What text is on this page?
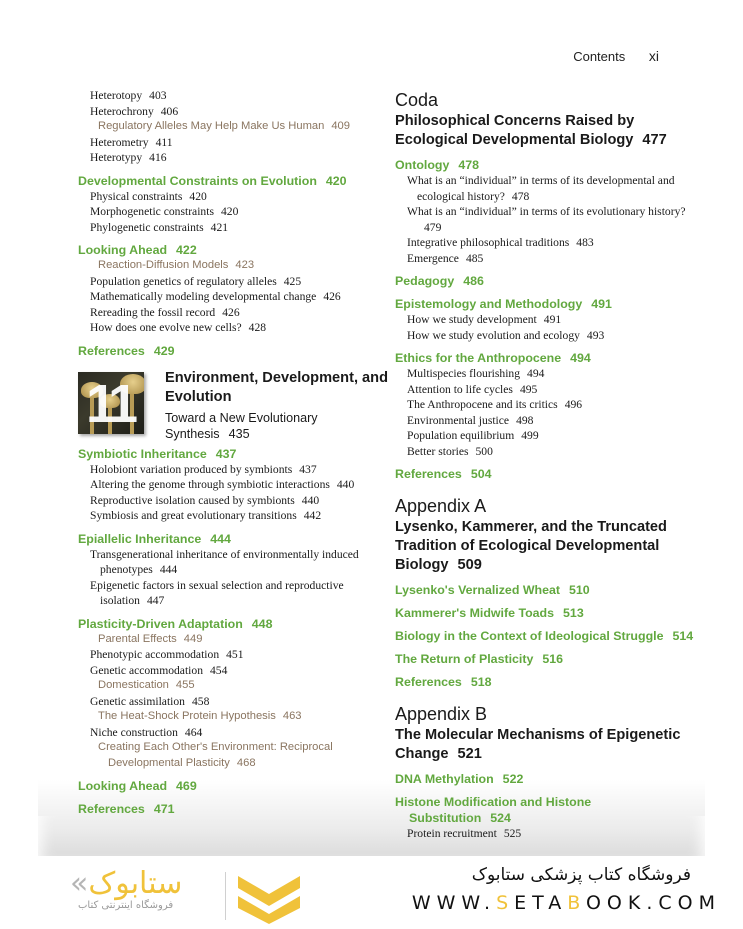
Contents xi
Heterotopy 403
Heterochrony 406
Regulatory Alleles May Help Make Us Human 409
Heterometry 411
Heterotypy 416
Developmental Constraints on Evolution 420
Physical constraints 420
Morphogenetic constraints 420
Phylogenetic constraints 421
Looking Ahead 422
Reaction-Diffusion Models 423
Population genetics of regulatory alleles 425
Mathematically modeling developmental change 426
Rereading the fossil record 426
How does one evolve new cells? 428
References 429
11 Environment, Development, and Evolution
Toward a New Evolutionary Synthesis 435
Symbiotic Inheritance 437
Holobiont variation produced by symbionts 437
Altering the genome through symbiotic interactions 440
Reproductive isolation caused by symbionts 440
Symbiosis and great evolutionary transitions 442
Epiallelic Inheritance 444
Transgenerational inheritance of environmentally induced phenotypes 444
Epigenetic factors in sexual selection and reproductive isolation 447
Plasticity-Driven Adaptation 448
Parental Effects 449
Phenotypic accommodation 451
Genetic accommodation 454
Domestication 455
Genetic assimilation 458
The Heat-Shock Protein Hypothesis 463
Niche construction 464
Creating Each Other's Environment: Reciprocal Developmental Plasticity 468
Looking Ahead 469
References 471
Coda
Philosophical Concerns Raised by Ecological Developmental Biology 477
Ontology 478
What is an “individual” in terms of its developmental and ecological history? 478
What is an “individual” in terms of its evolutionary history?479
Integrative philosophical traditions 483
Emergence 485
Pedagogy 486
Epistemology and Methodology 491
How we study development 491
How we study evolution and ecology 493
Ethics for the Anthropocene 494
Multispecies flourishing 494
Attention to life cycles 495
The Anthropocene and its critics 496
Environmental justice 498
Population equilibrium 499
Better stories 500
References 504
Appendix A
Lysenko, Kammerer, and the Truncated Tradition of Ecological Developmental Biology 509
Lysenko's Vernalized Wheat 510
Kammerer's Midwife Toads 513
Biology in the Context of Ideological Struggle 514
The Return of Plasticity 516
References 518
Appendix B
The Molecular Mechanisms of Epigenetic Change 521
DNA Methylation 522
Histone Modification and Histone Substitution 524
Protein recruitment 525
«ستابوک
فروشگاه اینترنتی کتاب
فروشگاه کتاب پزشکی ستابوک
WWW.SETABOOK.COM
